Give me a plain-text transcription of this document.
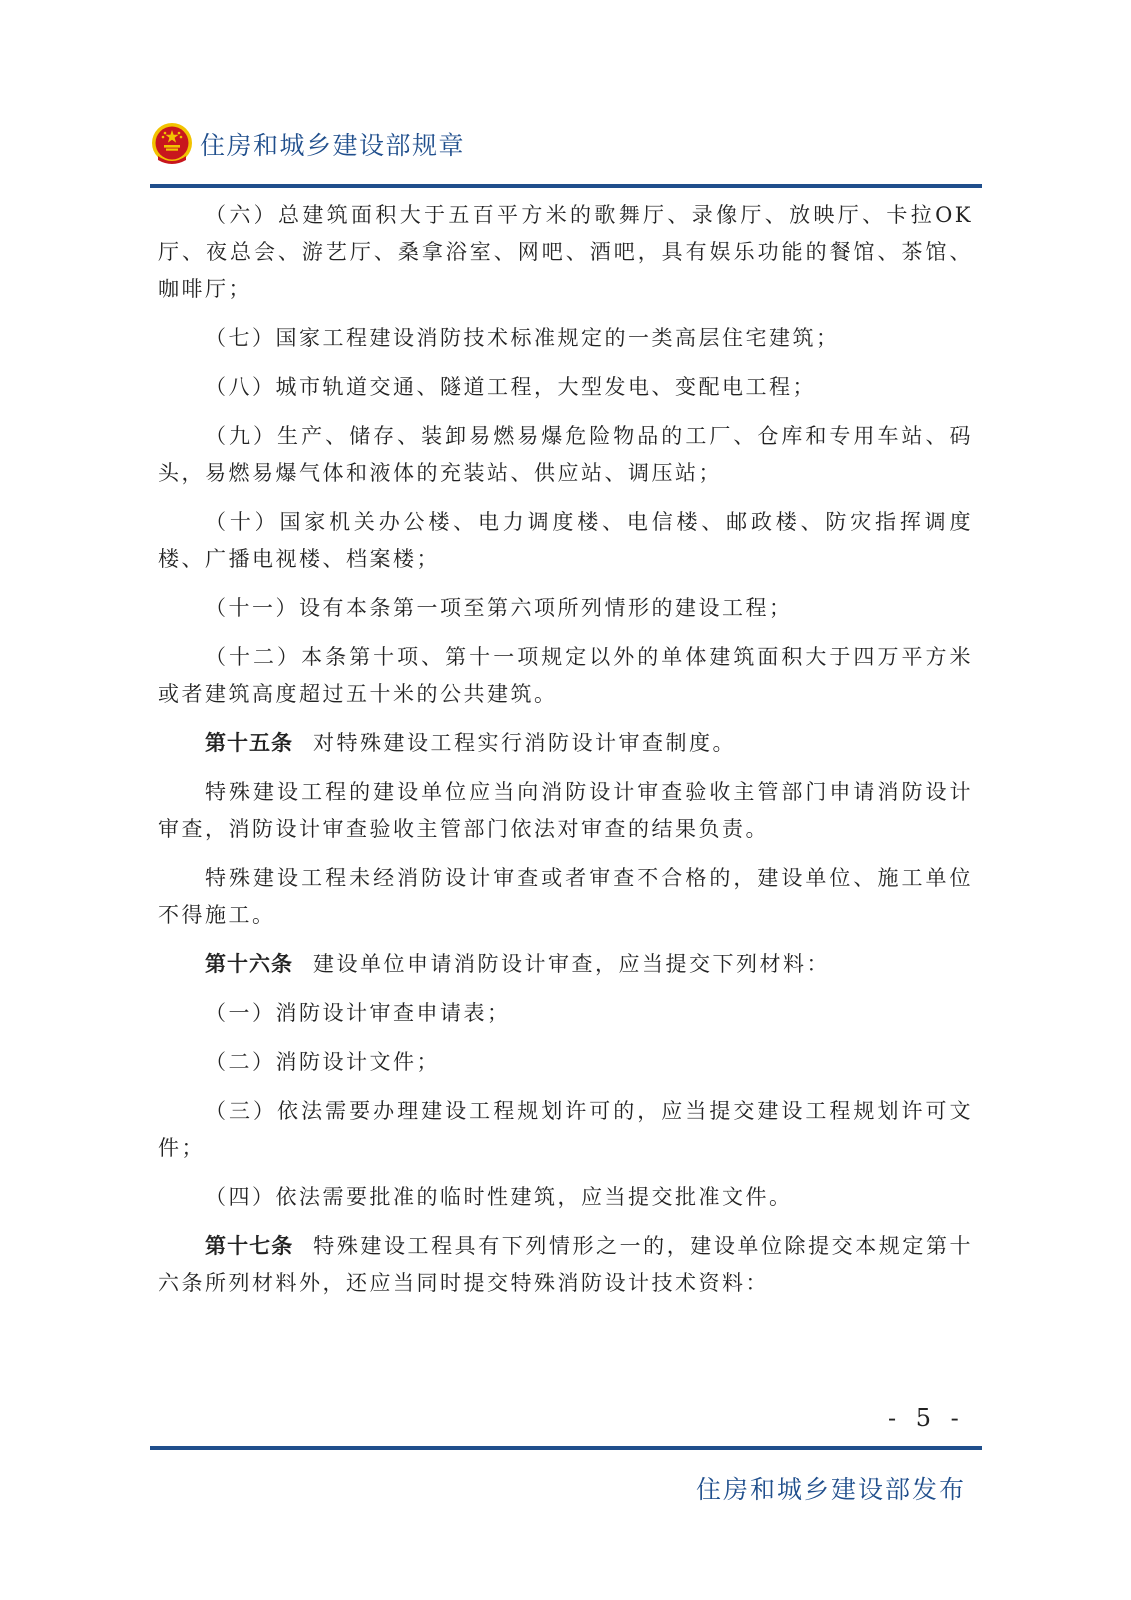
住房和城乡建设部规章

（六）总建筑面积大于五百平方米的歌舞厅、录像厅、放映厅、卡拉OK厅、夜总会、游艺厅、桑拿浴室、网吧、酒吧，具有娱乐功能的餐馆、茶馆、咖啡厅；

（七）国家工程建设消防技术标准规定的一类高层住宅建筑；

（八）城市轨道交通、隧道工程，大型发电、变配电工程；

（九）生产、储存、装卸易燃易爆危险物品的工厂、仓库和专用车站、码头，易燃易爆气体和液体的充装站、供应站、调压站；

（十）国家机关办公楼、电力调度楼、电信楼、邮政楼、防灾指挥调度楼、广播电视楼、档案楼；

（十一）设有本条第一项至第六项所列情形的建设工程；

（十二）本条第十项、第十一项规定以外的单体建筑面积大于四万平方米或者建筑高度超过五十米的公共建筑。

第十五条 对特殊建设工程实行消防设计审查制度。

特殊建设工程的建设单位应当向消防设计审查验收主管部门申请消防设计审查，消防设计审查验收主管部门依法对审查的结果负责。

特殊建设工程未经消防设计审查或者审查不合格的，建设单位、施工单位不得施工。

第十六条 建设单位申请消防设计审查，应当提交下列材料：

（一）消防设计审查申请表；

（二）消防设计文件；

（三）依法需要办理建设工程规划许可的，应当提交建设工程规划许可文件；

（四）依法需要批准的临时性建筑，应当提交批准文件。

第十七条 特殊建设工程具有下列情形之一的，建设单位除提交本规定第十六条所列材料外，还应当同时提交特殊消防设计技术资料：

- 5 -
住房和城乡建设部发布
